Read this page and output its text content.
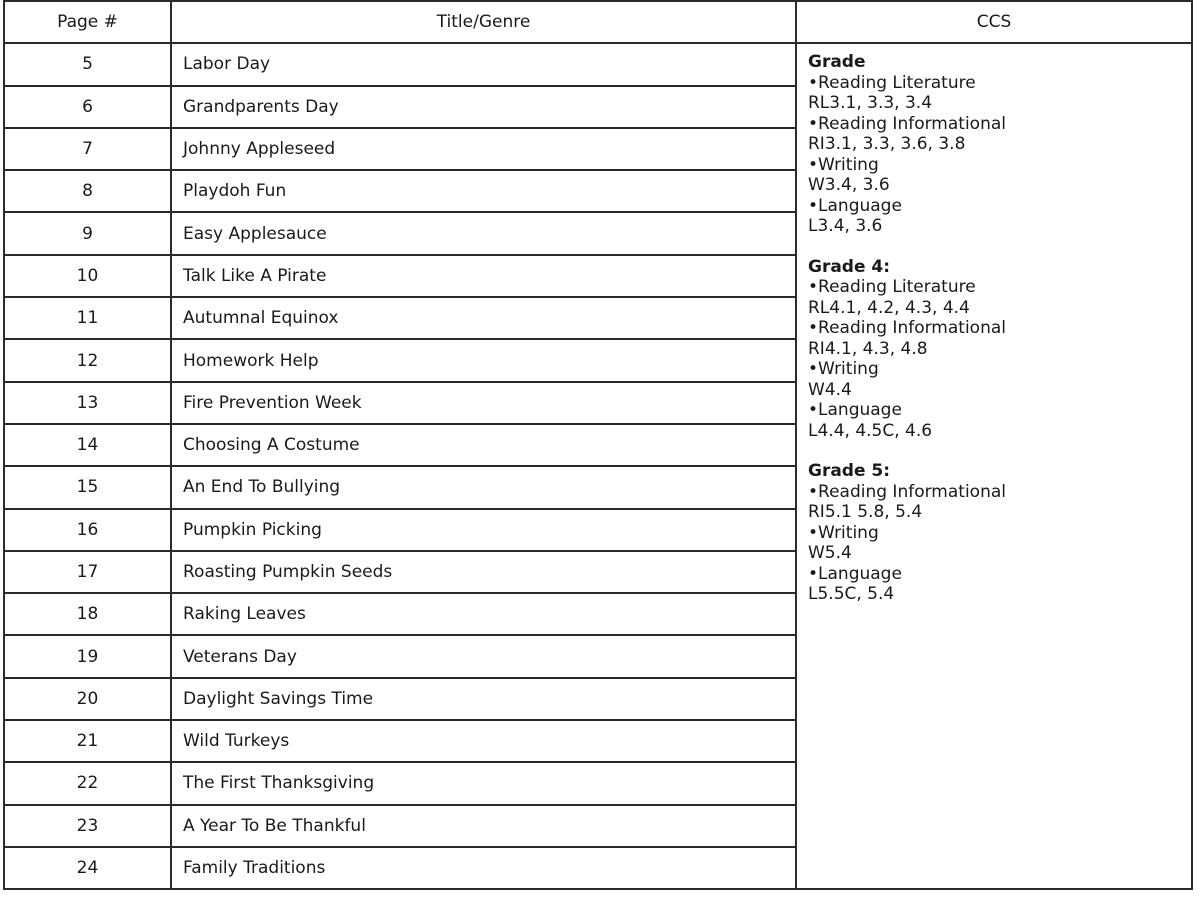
Page #	Title/Genre	CCS
5	Labor Day	Grade
•Reading Literature
RL3.1, 3.3, 3.4
•Reading Informational
RI3.1, 3.3, 3.6, 3.8
•Writing
W3.4, 3.6
•Language
L3.4, 3.6
Grade 4:
•Reading Literature
RL4.1, 4.2, 4.3, 4.4
•Reading Informational
RI4.1, 4.3, 4.8
•Writing
W4.4
•Language
L4.4, 4.5C, 4.6
Grade 5:
•Reading Informational
RI5.1 5.8, 5.4
•Writing
W5.4
•Language
L5.5C, 5.4

6	Grandparents Day	
7	Johnny Appleseed	
8	Playdoh Fun	
9	Easy Applesauce	
10	Talk Like A Pirate	
11	Autumnal Equinox	
12	Homework Help	
13	Fire Prevention Week	
14	Choosing A Costume	
15	An End To Bullying	
16	Pumpkin Picking	
17	Roasting Pumpkin Seeds	
18	Raking Leaves	
19	Veterans Day	
20	Daylight Savings Time	
21	Wild Turkeys	
22	The First Thanksgiving	
23	A Year To Be Thankful	
24	Family Traditions	
